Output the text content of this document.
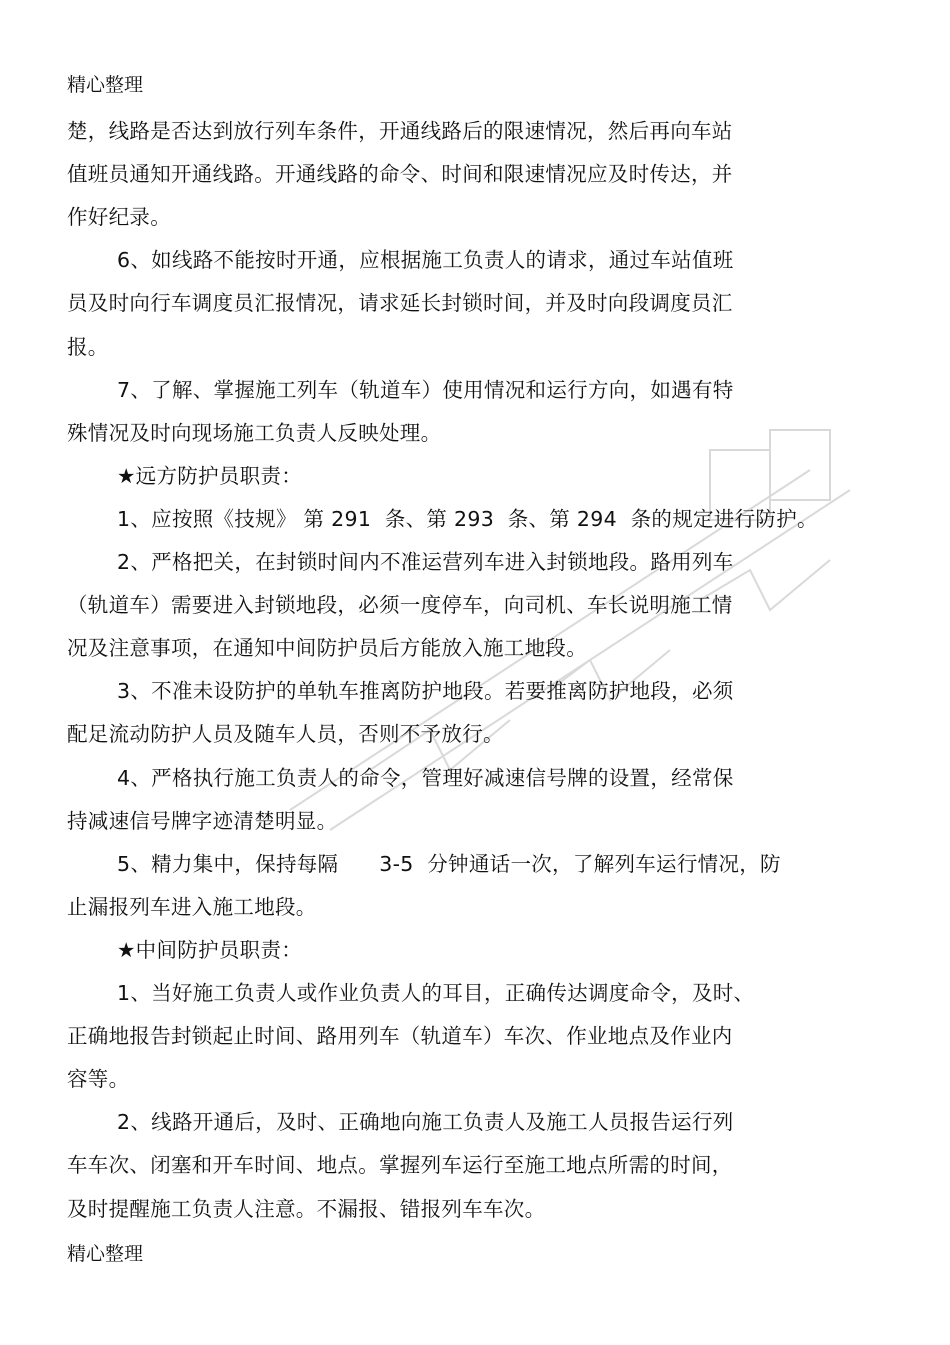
精心整理
楚，线路是否达到放行列车条件，开通线路后的限速情况，然后再向车站
值班员通知开通线路。开通线路的命令、时间和限速情况应及时传达，并
作好纪录。
6、如线路不能按时开通，应根据施工负责人的请求，通过车站值班
员及时向行车调度员汇报情况，请求延长封锁时间，并及时向段调度员汇
报。
7、了解、掌握施工列车（轨道车）使用情况和运行方向，如遇有特
殊情况及时向现场施工负责人反映处理。
★远方防护员职责：
1、应按照《技规》 第 291  条、第 293  条、第 294  条的规定进行防护。
2、严格把关，在封锁时间内不准运营列车进入封锁地段。路用列车
（轨道车）需要进入封锁地段，必须一度停车，向司机、车长说明施工情
况及注意事项，在通知中间防护员后方能放入施工地段。
3、不准未设防护的单轨车推离防护地段。若要推离防护地段，必须
配足流动防护人员及随车人员，否则不予放行。
4、严格执行施工负责人的命令，管理好减速信号牌的设置，经常保
持减速信号牌字迹清楚明显。
5、精力集中，保持每隔      3-5  分钟通话一次，了解列车运行情况，防
止漏报列车进入施工地段。
★中间防护员职责：
1、当好施工负责人或作业负责人的耳目，正确传达调度命令，及时、
正确地报告封锁起止时间、路用列车（轨道车）车次、作业地点及作业内
容等。
2、线路开通后，及时、正确地向施工负责人及施工人员报告运行列
车车次、闭塞和开车时间、地点。掌握列车运行至施工地点所需的时间，
及时提醒施工负责人注意。不漏报、错报列车车次。
精心整理
